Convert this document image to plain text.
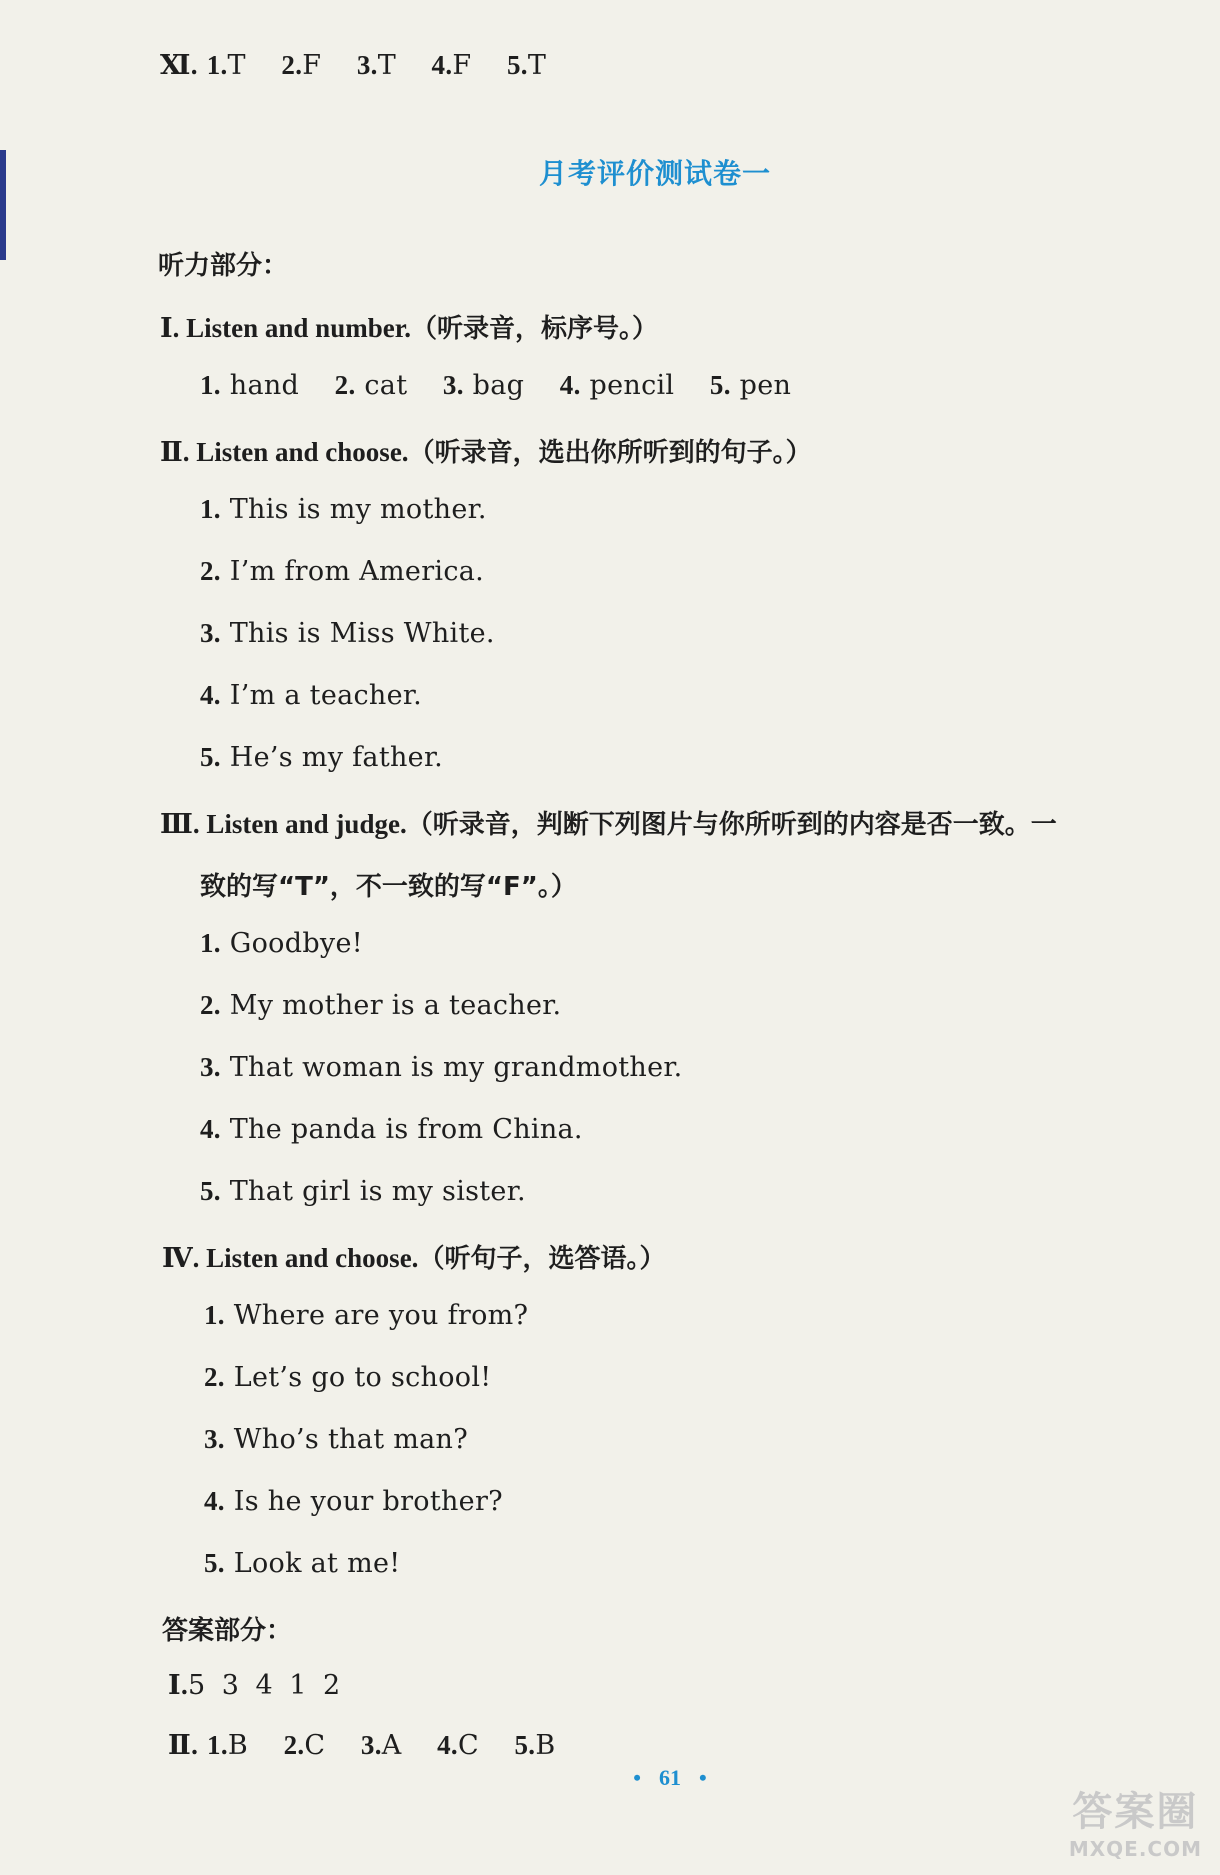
Ⅺ. 1.T 2.F 3.T 4.F 5.T
月考评价测试卷一
听力部分：
Ⅰ. Listen and number.（听录音，标序号。）
1. hand 2. cat 3. bag 4. pencil 5. pen
Ⅱ. Listen and choose.（听录音，选出你所听到的句子。）
1. This is my mother.
2. I’m from America.
3. This is Miss White.
4. I’m a teacher.
5. He’s my father.
Ⅲ. Listen and judge.（听录音，判断下列图片与你所听到的内容是否一致。一
致的写“T”，不一致的写“F”。）
1. Goodbye!
2. My mother is a teacher.
3. That woman is my grandmother.
4. The panda is from China.
5. That girl is my sister.
Ⅳ. Listen and choose.（听句子，选答语。）
1. Where are you from?
2. Let’s go to school!
3. Who’s that man?
4. Is he your brother?
5. Look at me!
答案部分：
Ⅰ.5 3 4 1 2
Ⅱ. 1.B 2.C 3.A 4.C 5.B
• 61 •
答案圈
MXQE.COM
